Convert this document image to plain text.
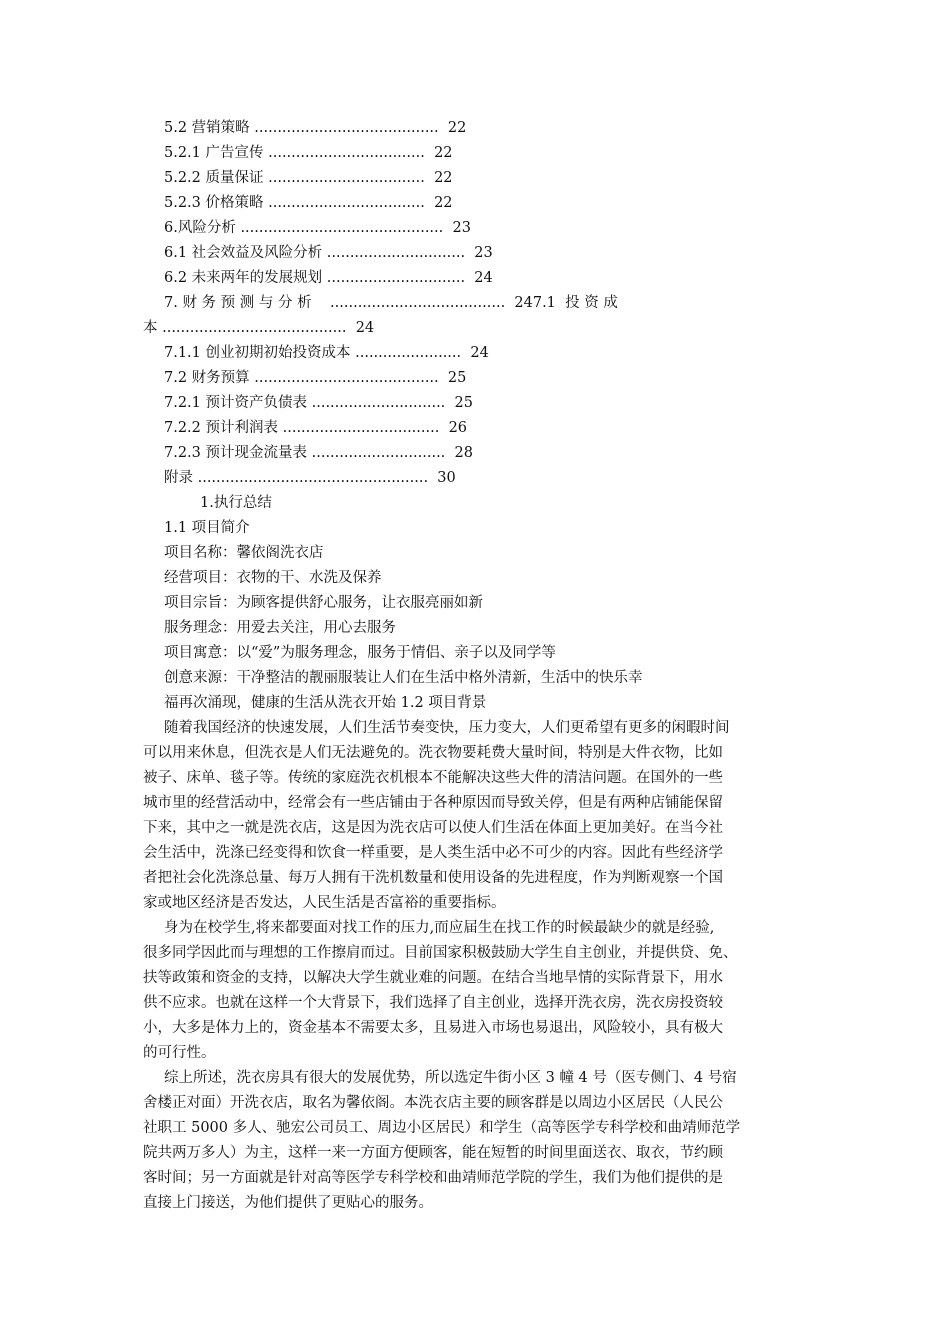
5.2 营销策略 ........................................ 22
5.2.1 广告宣传 .................................. 22
5.2.2 质量保证 .................................. 22
5.2.3 价格策略 .................................. 22
6.风险分析 ............................................ 23
6.1 社会效益及风险分析 .............................. 23
6.2 未来两年的发展规划 .............................. 24
7. 财 务 预 测 与 分 析    ......................................  247.1  投 资 成
本 ........................................  24
7.1.1 创业初期初始投资成本 ....................... 24
7.2 财务预算 ........................................ 25
7.2.1 预计资产负债表 ............................. 25
7.2.2 预计利润表 .................................. 26
7.2.3 预计现金流量表 ............................. 28
附录 .................................................. 30
1.执行总结
1.1 项目简介
项目名称：馨依阁洗衣店
经营项目：衣物的干、水洗及保养
项目宗旨：为顾客提供舒心服务，让衣服亮丽如新
服务理念：用爱去关注，用心去服务
项目寓意：以“爱”为服务理念，服务于情侣、亲子以及同学等
创意来源：干净整洁的靓丽服装让人们在生活中格外清新，生活中的快乐幸
福再次涌现，健康的生活从洗衣开始 1.2 项目背景
随着我国经济的快速发展，人们生活节奏变快，压力变大，人们更希望有更多的闲暇时间
可以用来休息，但洗衣是人们无法避免的。洗衣物要耗费大量时间，特别是大件衣物，比如
被子、床单、毯子等。传统的家庭洗衣机根本不能解决这些大件的清洁问题。在国外的一些
城市里的经营活动中，经常会有一些店铺由于各种原因而导致关停，但是有两种店铺能保留
下来，其中之一就是洗衣店，这是因为洗衣店可以使人们生活在体面上更加美好。在当今社
会生活中，洗涤已经变得和饮食一样重要，是人类生活中必不可少的内容。因此有些经济学
者把社会化洗涤总量、每万人拥有干洗机数量和使用设备的先进程度，作为判断观察一个国
家或地区经济是否发达，人民生活是否富裕的重要指标。
身为在校学生,将来都要面对找工作的压力,而应届生在找工作的时候最缺少的就是经验,
很多同学因此而与理想的工作擦肩而过。目前国家积极鼓励大学生自主创业，并提供贷、免、
扶等政策和资金的支持，以解决大学生就业难的问题。在结合当地旱情的实际背景下，用水
供不应求。也就在这样一个大背景下，我们选择了自主创业，选择开洗衣房，洗衣房投资较
小，大多是体力上的，资金基本不需要太多，且易进入市场也易退出，风险较小，具有极大
的可行性。
综上所述，洗衣房具有很大的发展优势，所以选定牛街小区 3 幢 4 号（医专侧门、4 号宿
舍楼正对面）开洗衣店，取名为馨依阁。本洗衣店主要的顾客群是以周边小区居民（人民公
社职工 5000 多人、驰宏公司员工、周边小区居民）和学生（高等医学专科学校和曲靖师范学
院共两万多人）为主，这样一来一方面方便顾客，能在短暂的时间里面送衣、取衣，节约顾
客时间；另一方面就是针对高等医学专科学校和曲靖师范学院的学生，我们为他们提供的是
直接上门接送，为他们提供了更贴心的服务。
